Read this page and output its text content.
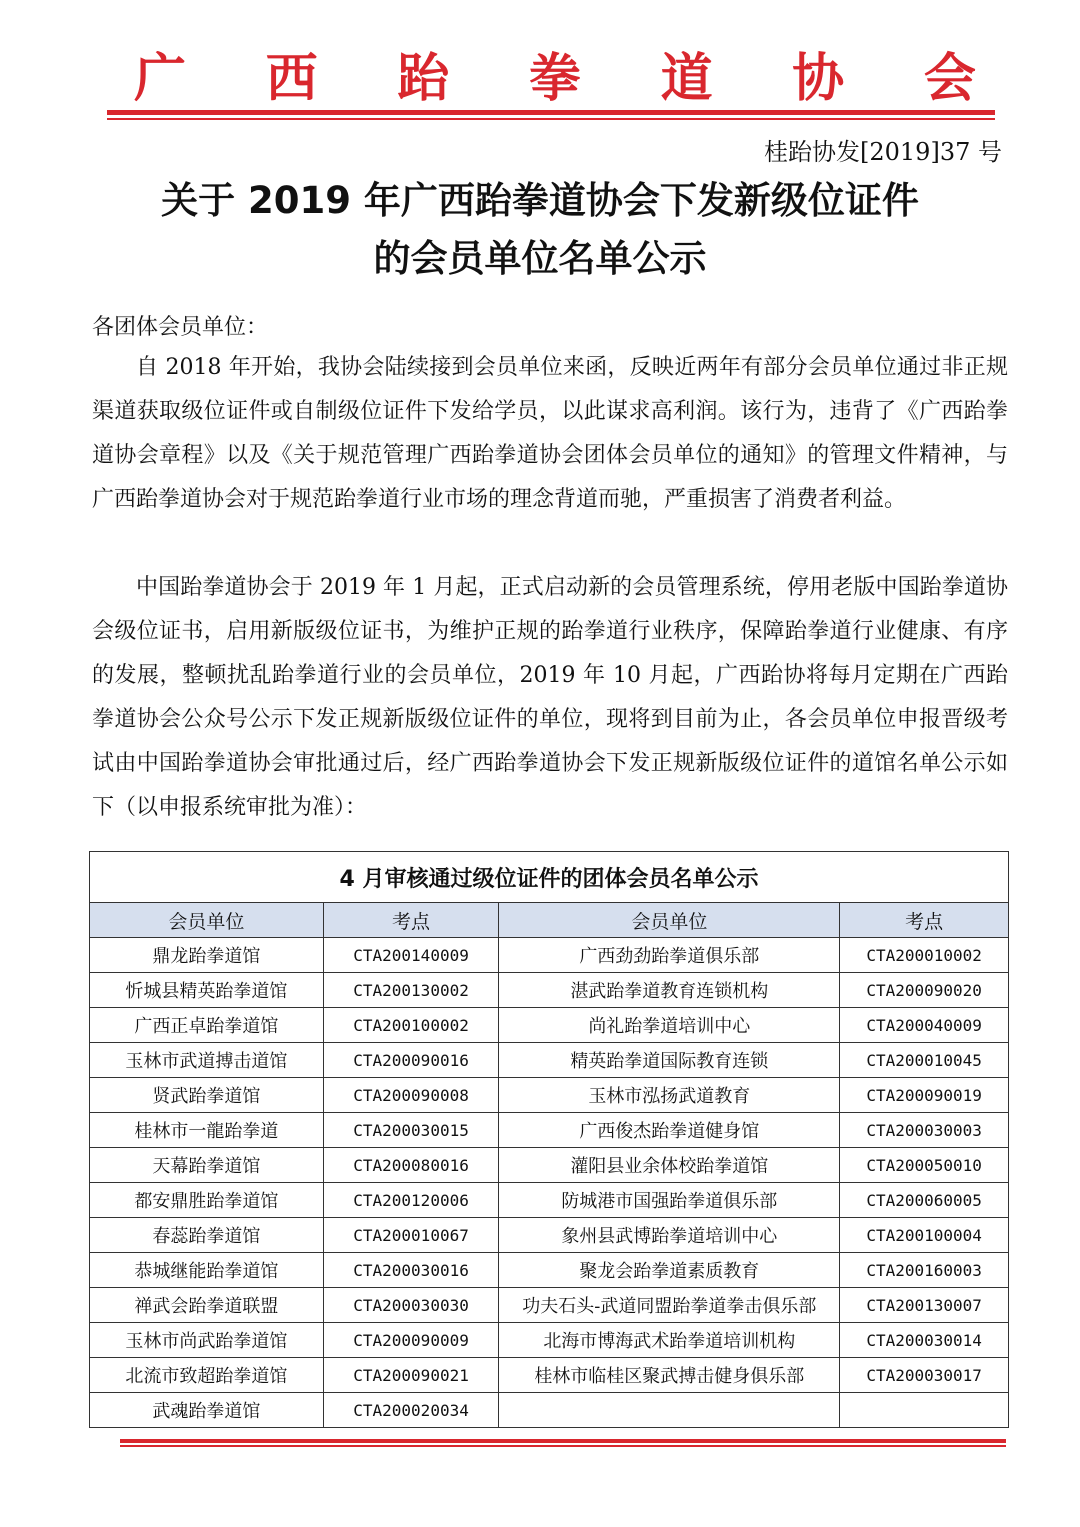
广 西 跆 拳 道 协 会
桂跆协发[2019]37 号
关于 2019 年广西跆拳道协会下发新级位证件
的会员单位名单公示
各团体会员单位：

自 2018 年开始，我协会陆续接到会员单位来函，反映近两年有部分会员单位通过非正规渠道获取级位证件或自制级位证件下发给学员，以此谋求高利润。该行为，违背了《广西跆拳道协会章程》以及《关于规范管理广西跆拳道协会团体会员单位的通知》的管理文件精神，与广西跆拳道协会对于规范跆拳道行业市场的理念背道而驰，严重损害了消费者利益。

中国跆拳道协会于 2019 年 1 月起，正式启动新的会员管理系统，停用老版中国跆拳道协会级位证书，启用新版级位证书，为维护正规的跆拳道行业秩序，保障跆拳道行业健康、有序的发展，整顿扰乱跆拳道行业的会员单位，2019 年 10 月起，广西跆协将每月定期在广西跆拳道协会公众号公示下发正规新版级位证件的单位，现将到目前为止，各会员单位申报晋级考试由中国跆拳道协会审批通过后，经广西跆拳道协会下发正规新版级位证件的道馆名单公示如下（以申报系统审批为准）：

4 月审核通过级位证件的团体会员名单公示			
会员单位	考点	会员单位	考点
鼎龙跆拳道馆	CTA200140009	广西劲劲跆拳道俱乐部	CTA200010002
忻城县精英跆拳道馆	CTA200130002	湛武跆拳道教育连锁机构	CTA200090020
广西正卓跆拳道馆	CTA200100002	尚礼跆拳道培训中心	CTA200040009
玉林市武道搏击道馆	CTA200090016	精英跆拳道国际教育连锁	CTA200010045
贤武跆拳道馆	CTA200090008	玉林市泓扬武道教育	CTA200090019
桂林市一龍跆拳道	CTA200030015	广西俊杰跆拳道健身馆	CTA200030003
天幕跆拳道馆	CTA200080016	灌阳县业余体校跆拳道馆	CTA200050010
都安鼎胜跆拳道馆	CTA200120006	防城港市国强跆拳道俱乐部	CTA200060005
春蕊跆拳道馆	CTA200010067	象州县武博跆拳道培训中心	CTA200100004
恭城继能跆拳道馆	CTA200030016	聚龙会跆拳道素质教育	CTA200160003
禅武会跆拳道联盟	CTA200030030	功夫石头-武道同盟跆拳道拳击俱乐部	CTA200130007
玉林市尚武跆拳道馆	CTA200090009	北海市博海武术跆拳道培训机构	CTA200030014
北流市致超跆拳道馆	CTA200090021	桂林市临桂区聚武搏击健身俱乐部	CTA200030017
武魂跆拳道馆	CTA200020034		
